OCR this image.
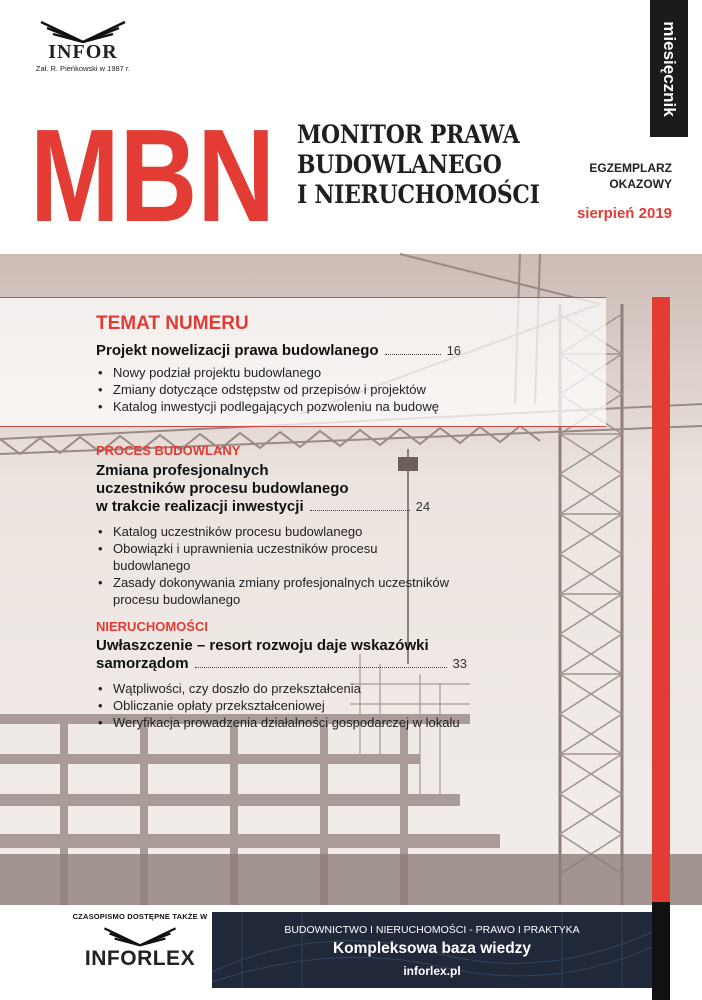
INFOR
Zał. R. Pieńkowski w 1987 r.	miesięcznik
MBN MONITOR PRAWA
BUDOWLANEGO
I NIERUCHOMOŚCI
EGZEMPLARZ
OKAZOWY
sierpień 2019
TEMAT NUMERU
Projekt nowelizacji prawa budowlanego	16
• Nowy podział projektu budowlanego
• Zmiany dotyczące odstępstw od przepisów i projektów
• Katalog inwestycji podlegających pozwoleniu na budowę
PROCES BUDOWLANY
Zmiana profesjonalnych
uczestników procesu budowlanego
w trakcie realizacji inwestycji	24
• Katalog uczestników procesu budowlanego
• Obowiązki i uprawnienia uczestników procesu budowlanego
• Zasady dokonywania zmiany profesjonalnych uczestników procesu budowlanego
NIERUCHOMOŚCI
Uwłaszczenie – resort rozwoju daje wskazówki
samorządom	33
• Wątpliwości, czy doszło do przekształcenia
• Obliczanie opłaty przekształceniowej
• Weryfikacja prowadzenia działalności gospodarczej w lokalu
CZASOPISMO DOSTĘPNE TAKŻE W
INFORLEX
BUDOWNICTWO I NIERUCHOMOŚCI - PRAWO I PRAKTYKA
Kompleksowa baza wiedzy
inforlex.pl
